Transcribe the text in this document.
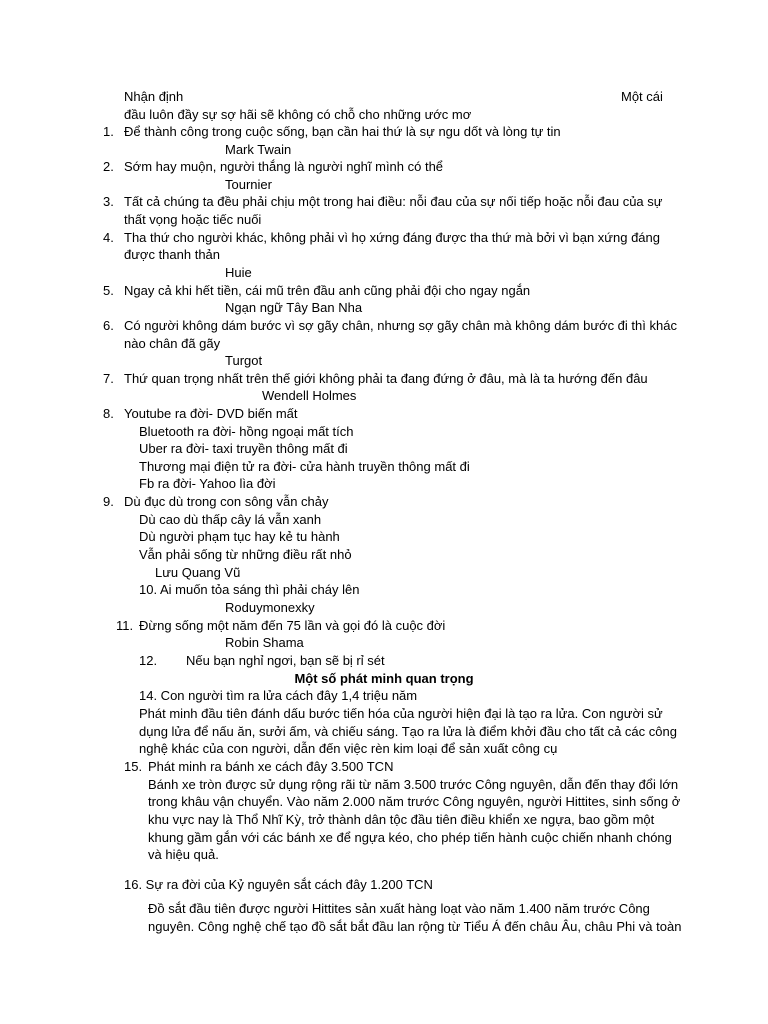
Nhận định	Một cái
đầu luôn đầy sự sợ hãi sẽ không có chỗ cho những ước mơ
1. Để thành công trong cuộc sống, bạn cần hai thứ là sự ngu dốt và lòng tự tin
Mark Twain
2. Sớm hay muộn, người thắng là người nghĩ mình có thể
Tournier
3. Tất cả chúng ta đều phải chịu một trong hai điều: nỗi đau của sự nối tiếp hoặc nỗi đau của sự
thất vọng hoặc tiếc nuối
4. Tha thứ cho người khác, không phải vì họ xứng đáng được tha thứ mà bởi vì bạn xứng đáng
được thanh thản
Huie
5. Ngay cả khi hết tiền, cái mũ trên đầu anh cũng phải đội cho ngay ngắn
Ngạn ngữ Tây Ban Nha
6. Có người không dám bước vì sợ gãy chân, nhưng sợ gãy chân mà không dám bước đi thì khác
nào chân đã gãy
Turgot
7. Thứ quan trọng nhất trên thế giới không phải ta đang đứng ở đâu, mà là ta hướng đến đâu
Wendell Holmes
8. Youtube ra đời- DVD biến mất
Bluetooth ra đời- hồng ngoại mất tích
Uber ra đời- taxi truyền thông mất đi
Thương mại điện tử ra đời- cửa hành truyền thông mất đi
Fb ra đời- Yahoo lìa đời
9. Dù đục dù trong con sông vẫn chảy
Dù cao dù thấp cây lá vẫn xanh
Dù người phạm tục hay kẻ tu hành
Vẫn phải sống từ những điều rất nhỏ
Lưu Quang Vũ
10. Ai muốn tỏa sáng thì phải cháy lên
Roduymonexky
11. Đừng sống một năm đến 75 lần và gọi đó là cuộc đời
Robin Shama
12. Nếu bạn nghỉ ngơi, bạn sẽ bị rỉ sét
Một số phát minh quan trọng
14. Con người tìm ra lửa cách đây 1,4 triệu năm
Phát minh đầu tiên đánh dấu bước tiến hóa của người hiện đại là tạo ra lửa. Con người sử
dụng lửa để nấu ăn, sưởi ấm, và chiếu sáng. Tạo ra lửa là điểm khởi đầu cho tất cả các công
nghệ khác của con người, dẫn đến việc rèn kim loại để sản xuất công cụ
15. Phát minh ra bánh xe cách đây 3.500 TCN
Bánh xe tròn được sử dụng rộng rãi từ năm 3.500 trước Công nguyên, dẫn đến thay đổi lớn
trong khâu vận chuyển. Vào năm 2.000 năm trước Công nguyên, người Hittites, sinh sống ở
khu vực nay là Thổ Nhĩ Kỳ, trở thành dân tộc đầu tiên điều khiển xe ngựa, bao gồm một
khung gầm gắn với các bánh xe để ngựa kéo, cho phép tiến hành cuộc chiến nhanh chóng
và hiệu quả.
16. Sự ra đời của Kỷ nguyên sắt cách đây 1.200 TCN
Đồ sắt đầu tiên được người Hittites sản xuất hàng loạt vào năm 1.400 năm trước Công
nguyên. Công nghệ chế tạo đồ sắt bắt đầu lan rộng từ Tiểu Á đến châu Âu, châu Phi và toàn
